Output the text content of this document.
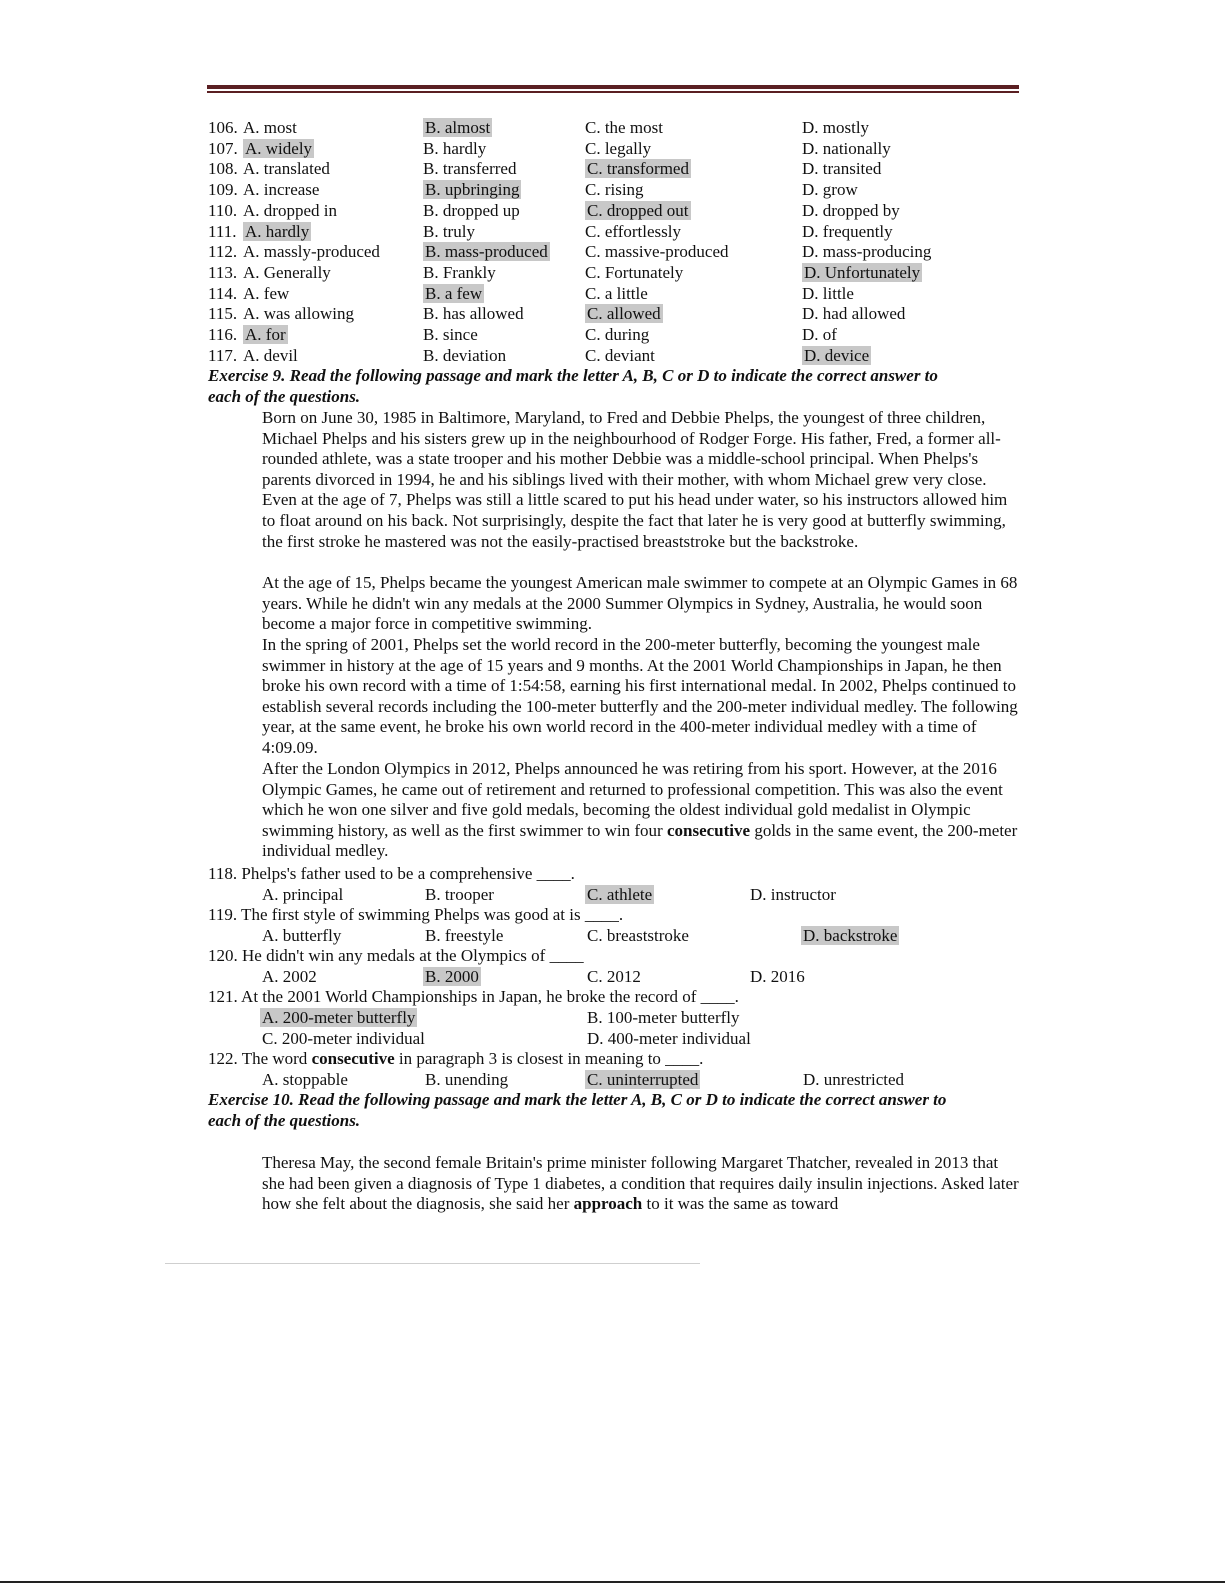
106. A. most	B. almost	C. the most	D. mostly
107. A. widely	B. hardly	C. legally	D. nationally
108. A. translated	B. transferred	C. transformed	D. transited
109. A. increase	B. upbringing	C. rising	D. grow
110. A. dropped in	B. dropped up	C. dropped out	D. dropped by
111. A. hardly	B. truly	C. effortlessly	D. frequently
112. A. massly-produced	B. mass-produced C. massive-produced	D. mass-producing
113. A. Generally	B. Frankly	C. Fortunately	D. Unfortunately
114. A. few	B. a few	C. a little	D. little
115. A. was allowing	B. has allowed	C. allowed	D. had allowed
116. A. for	B. since	C. during	D. of
117. A. devil	B. deviation	C. deviant	D. device
Exercise 9. Read the following passage and mark the letter A, B, C or D to indicate the correct answer to
each of the questions.
Born on June 30, 1985 in Baltimore, Maryland, to Fred and Debbie Phelps, the youngest of three children, Michael Phelps and his sisters grew up in the neighbourhood of Rodger Forge. His father, Fred, a former all-rounded athlete, was a state trooper and his mother Debbie was a middle-school principal. When Phelps's parents divorced in 1994, he and his siblings lived with their mother, with whom Michael grew very close. Even at the age of 7, Phelps was still a little scared to put his head under water, so his instructors allowed him to float around on his back. Not surprisingly, despite the fact that later he is very good at butterfly swimming, the first stroke he mastered was not the easily-practised breaststroke but the backstroke.
At the age of 15, Phelps became the youngest American male swimmer to compete at an Olympic Games in 68 years. While he didn't win any medals at the 2000 Summer Olympics in Sydney, Australia, he would soon become a major force in competitive swimming.
In the spring of 2001, Phelps set the world record in the 200-meter butterfly, becoming the youngest male swimmer in history at the age of 15 years and 9 months. At the 2001 World Championships in Japan, he then broke his own record with a time of 1:54:58, earning his first international medal. In 2002, Phelps continued to establish several records including the 100-meter butterfly and the 200-meter individual medley. The following year, at the same event, he broke his own world record in the 400-meter individual medley with a time of 4:09.09.
After the London Olympics in 2012, Phelps announced he was retiring from his sport. However, at the 2016 Olympic Games, he came out of retirement and returned to professional competition. This was also the event which he won one silver and five gold medals, becoming the oldest individual gold medalist in Olympic swimming history, as well as the first swimmer to win four consecutive golds in the same event, the 200-meter individual medley.
118. Phelps's father used to be a comprehensive ____.
A. principal	B. trooper	C. athlete	D. instructor
119. The first style of swimming Phelps was good at is ____.
A. butterfly	B. freestyle	C. breaststroke	D. backstroke
120. He didn't win any medals at the Olympics of ____
A. 2002	B. 2000	C. 2012	D. 2016
121. At the 2001 World Championships in Japan, he broke the record of ____.
A. 200-meter butterfly	B. 100-meter butterfly
C. 200-meter individual	D. 400-meter individual
122. The word consecutive in paragraph 3 is closest in meaning to ____.
A. stoppable	B. unending	C. uninterrupted	D. unrestricted
Exercise 10. Read the following passage and mark the letter A, B, C or D to indicate the correct answer to
each of the questions.
Theresa May, the second female Britain's prime minister following Margaret Thatcher, revealed in 2013 that she had been given a diagnosis of Type 1 diabetes, a condition that requires daily insulin injections. Asked later how she felt about the diagnosis, she said her approach to it was the same as toward
